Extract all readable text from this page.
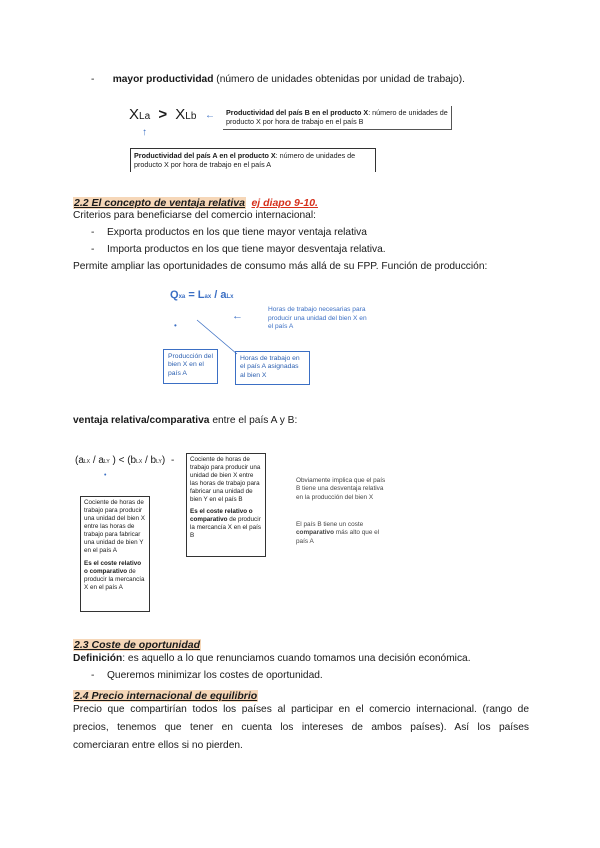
- mayor productividad (número de unidades obtenidas por unidad de trabajo).
XLa > XLb ←
↑
Productividad del país B en el producto X: número de unidades de producto X por hora de trabajo en el país B
Productividad del país A en el producto X: número de unidades de producto X por hora de trabajo en el país A
2.2 El concepto de ventaja relativa ej diapo 9-10.
Criterios para beneficiarse del comercio internacional:
- Exporta productos en los que tiene mayor ventaja relativa
- Importa productos en los que tiene mayor desventaja relativa.
Permite ampliar las oportunidades de consumo más allá de su FPP. Función de producción:
Qxa = Lax / aLx
←
•
Horas de trabajo necesarias para producir una unidad del bien X en el país A
Producción del bien X en el país A
Horas de trabajo en el país A asignadas al bien X
ventaja relativa/comparativa entre el país A y B:
(aLX / aLY ) < (bLX / bLY) -
•
Cociente de horas de trabajo para producir una unidad del bien X entre las horas de trabajo para fabricar una unidad de bien Y en el país A
Es el coste relativo o comparativo de producir la mercancía X en el país A
Cociente de horas de trabajo para producir una unidad de bien X entre las horas de trabajo para fabricar una unidad de bien Y en el país B
Es el coste relativo o comparativo de producir la mercancía X en el país B
Obviamente implica que el país B tiene una desventaja relativa en la producción del bien X
El país B tiene un coste comparativo más alto que el país A
2.3 Coste de oportunidad
Definición: es aquello a lo que renunciamos cuando tomamos una decisión económica.
- Queremos minimizar los costes de oportunidad.
2.4 Precio internacional de equilibrio
Precio que compartirían todos los países al participar en el comercio internacional. (rango de
precios, tenemos que tener en cuenta los intereses de ambos países). Así los países
comerciaran entre ellos si no pierden.
